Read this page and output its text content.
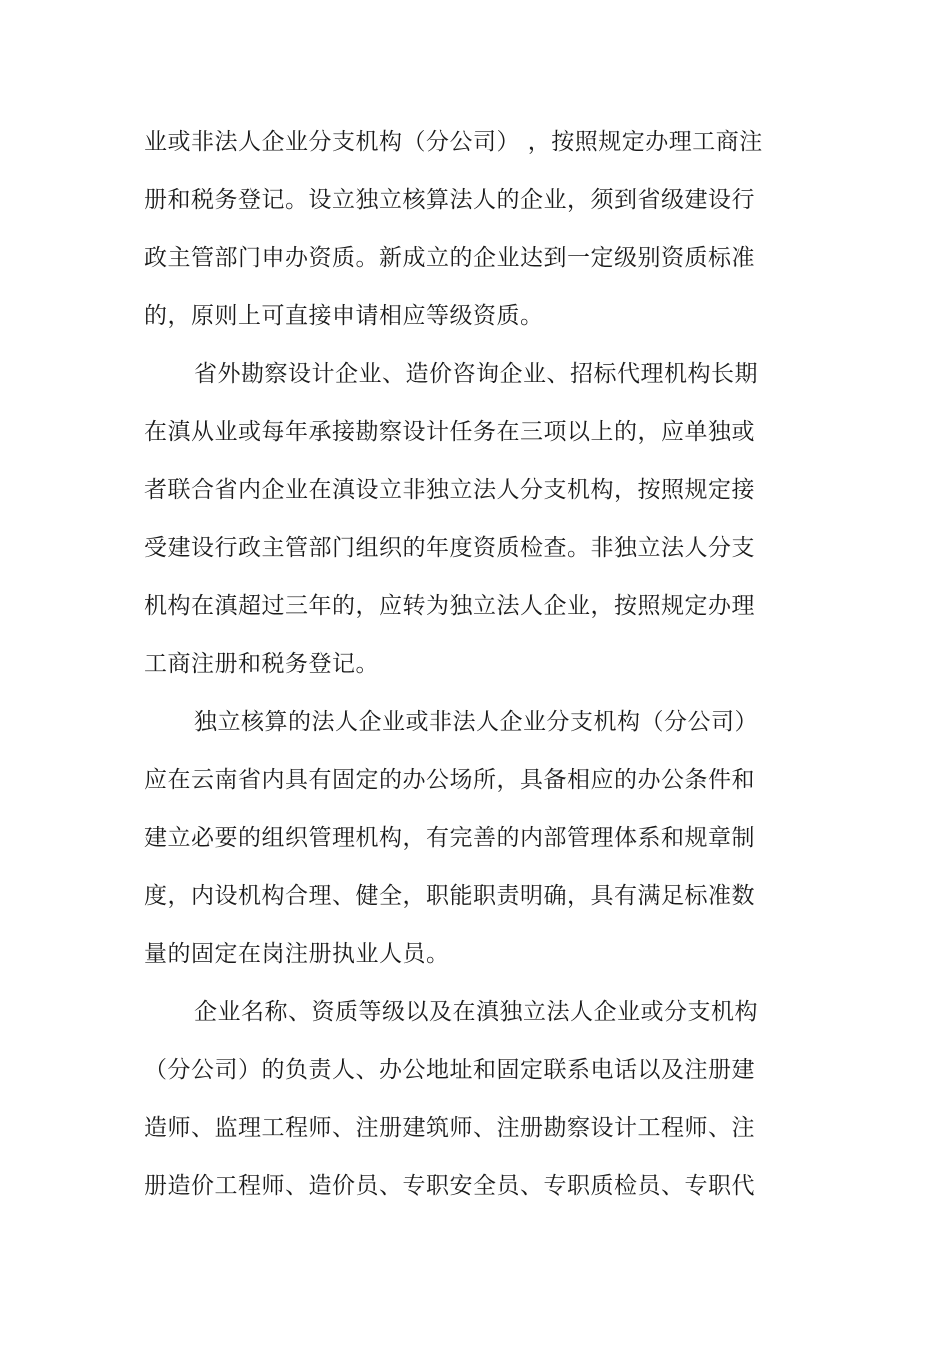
业或非法人企业分支机构（分公司） ，按照规定办理工商注
册和税务登记。设立独立核算法人的企业，须到省级建设行
政主管部门申办资质。新成立的企业达到一定级别资质标准
的，原则上可直接申请相应等级资质。
省外勘察设计企业、造价咨询企业、招标代理机构长期
在滇从业或每年承接勘察设计任务在三项以上的，应单独或
者联合省内企业在滇设立非独立法人分支机构，按照规定接
受建设行政主管部门组织的年度资质检查。非独立法人分支
机构在滇超过三年的，应转为独立法人企业，按照规定办理
工商注册和税务登记。
独立核算的法人企业或非法人企业分支机构（分公司）
应在云南省内具有固定的办公场所，具备相应的办公条件和
建立必要的组织管理机构，有完善的内部管理体系和规章制
度，内设机构合理、健全，职能职责明确，具有满足标准数
量的固定在岗注册执业人员。
企业名称、资质等级以及在滇独立法人企业或分支机构
（分公司）的负责人、办公地址和固定联系电话以及注册建
造师、监理工程师、注册建筑师、注册勘察设计工程师、注
册造价工程师、造价员、专职安全员、专职质检员、专职代
